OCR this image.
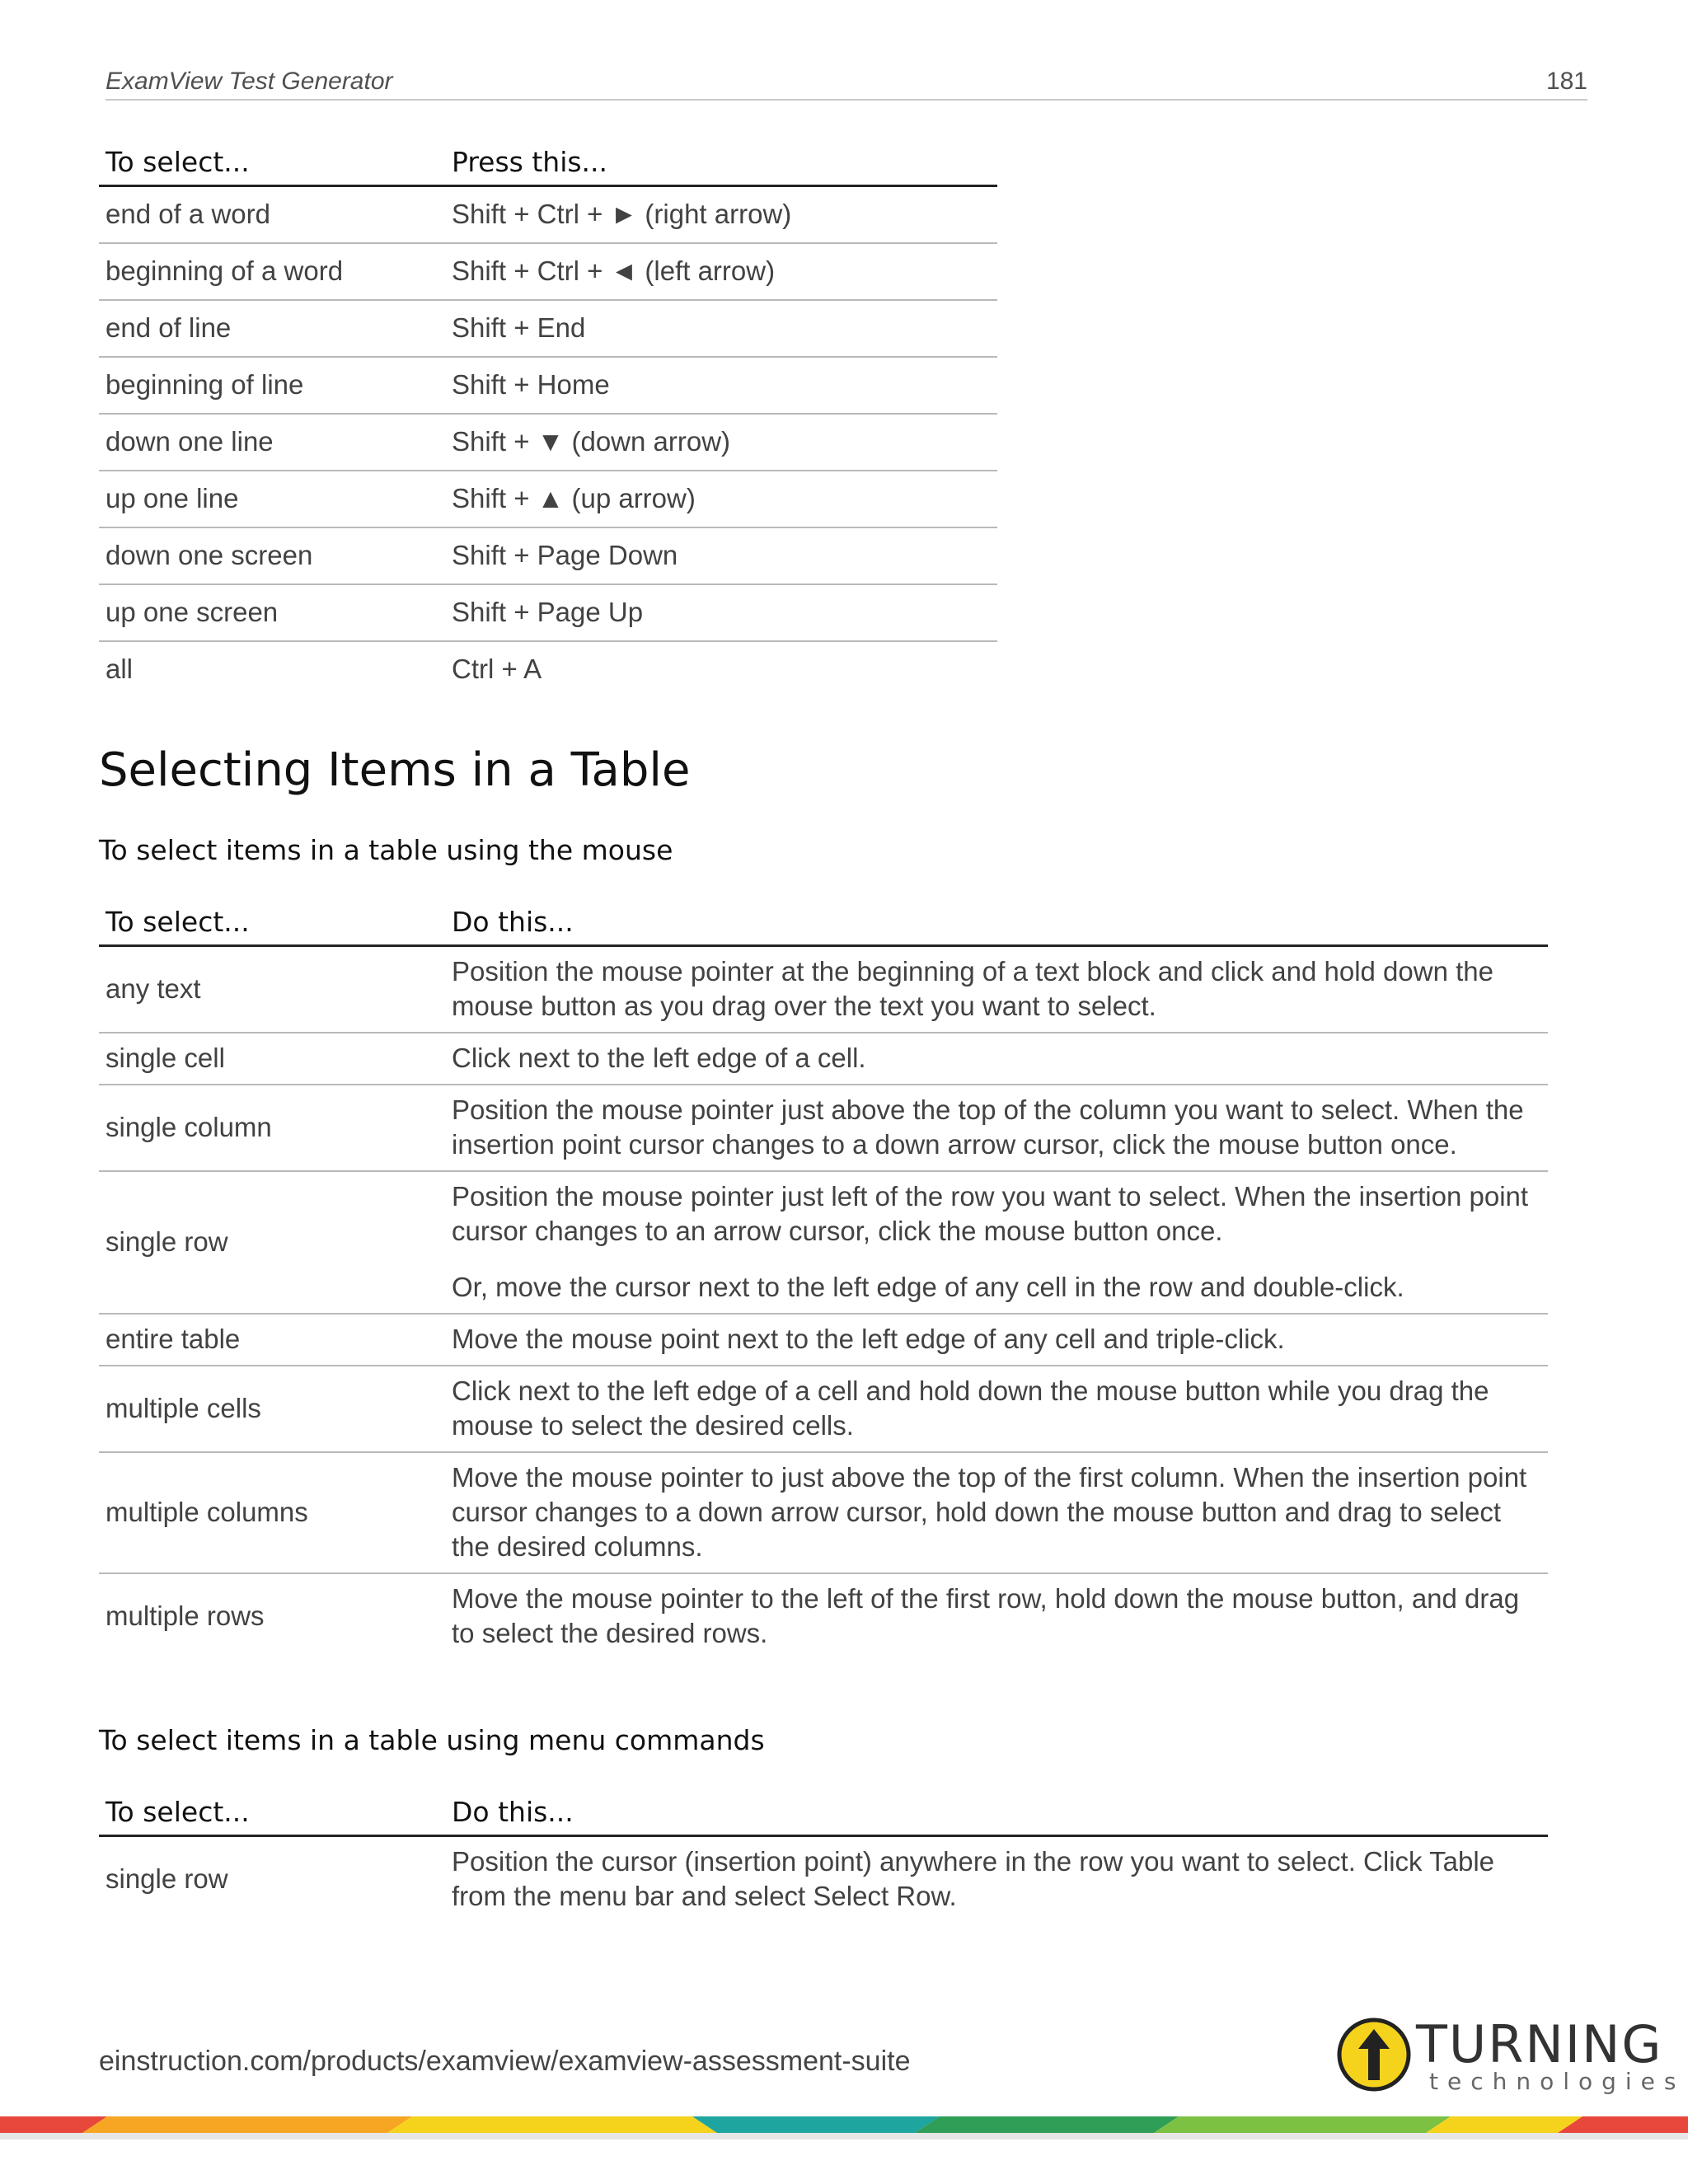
ExamView Test Generator	181
To select...	Press this...
end of a word	Shift + Ctrl + ► (right arrow)
beginning of a word	Shift + Ctrl + ◄ (left arrow)
end of line	Shift + End
beginning of line	Shift + Home
down one line	Shift + ▼ (down arrow)
up one line	Shift + ▲ (up arrow)
down one screen	Shift + Page Down
up one screen	Shift + Page Up
all	Ctrl + A
Selecting Items in a Table
To select items in a table using the mouse
To select...	Do this...
any text	Position the mouse pointer at the beginning of a text block and click and hold down the mouse button as you drag over the text you want to select.
single cell	Click next to the left edge of a cell.
single column	Position the mouse pointer just above the top of the column you want to select. When the insertion point cursor changes to a down arrow cursor, click the mouse button once.
single row	Position the mouse pointer just left of the row you want to select. When the insertion point cursor changes to an arrow cursor, click the mouse button once.

Or, move the cursor next to the left edge of any cell in the row and double-click.

entire table	Move the mouse point next to the left edge of any cell and triple-click.
multiple cells	Click next to the left edge of a cell and hold down the mouse button while you drag the mouse to select the desired cells.
multiple columns	Move the mouse pointer to just above the top of the first column. When the insertion point cursor changes to a down arrow cursor, hold down the mouse button and drag to select the desired columns.
multiple rows	Move the mouse pointer to the left of the first row, hold down the mouse button, and drag to select the desired rows.
To select items in a table using menu commands
To select...	Do this...
single row	Position the cursor (insertion point) anywhere in the row you want to select. Click Table from the menu bar and select Select Row.
einstruction.com/products/examview/examview-assessment-suite	TURNING
technologies
